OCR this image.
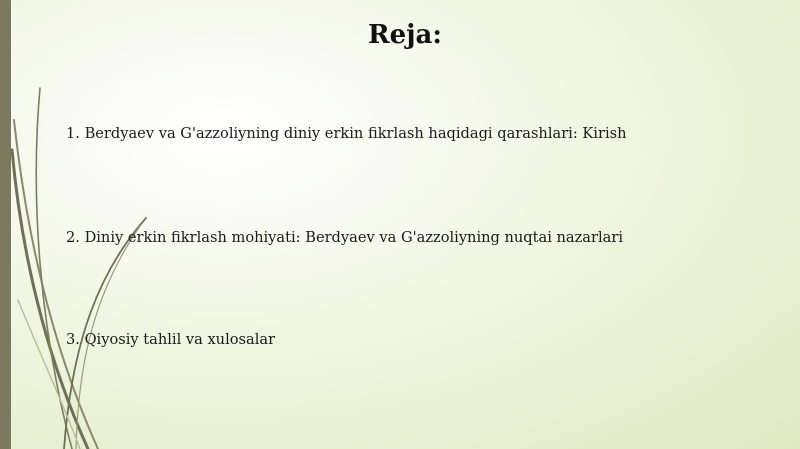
Reja:
1. Berdyaev va G'azzoliyning diniy erkin fikrlash haqidagi qarashlari: Kirish
2. Diniy erkin fikrlash mohiyati: Berdyaev va G'azzoliyning nuqtai nazarlari
3. Qiyosiy tahlil va xulosalar
